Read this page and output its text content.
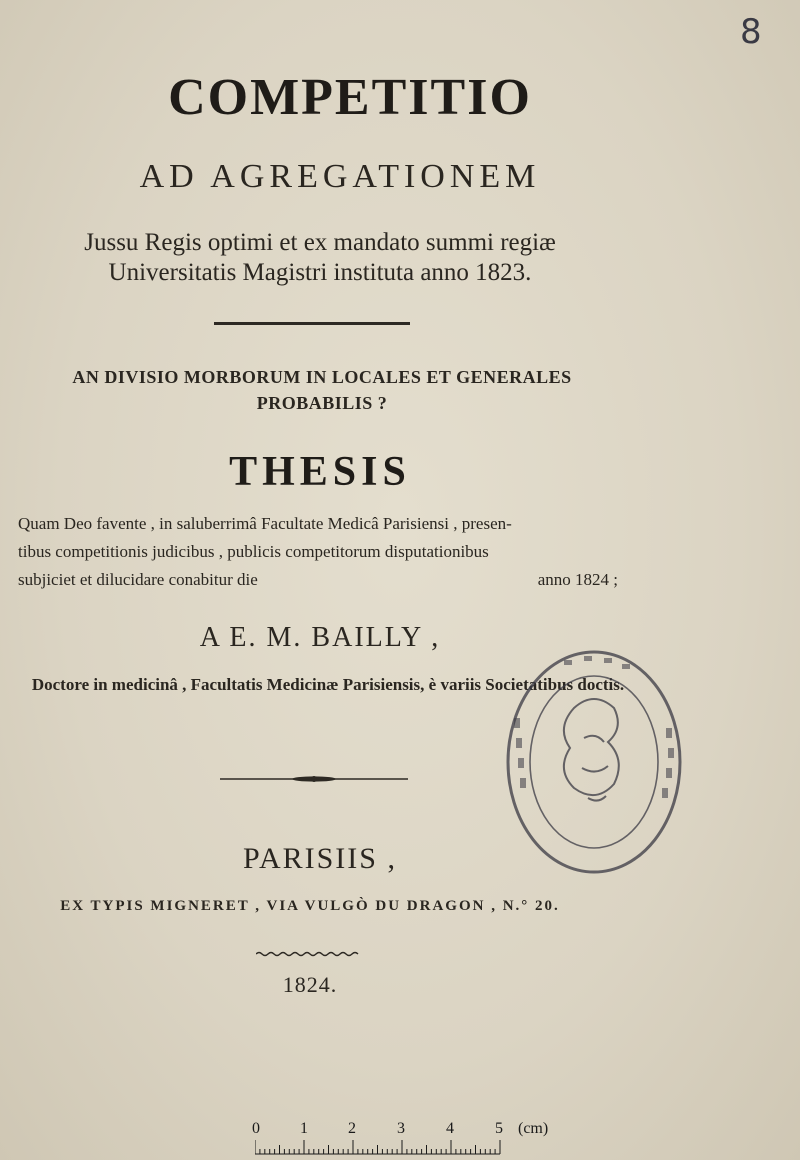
8
COMPETITIO
AD AGREGATIONEM
Jussu Regis optimi et ex mandato summi regiæ Universitatis Magistri instituta anno 1823.
AN DIVISIO MORBORUM IN LOCALES ET GENERALES PROBABILIS ?
THESIS
Quam Deo favente , in saluberrimâ Facultate Medicâ Parisiensi , presen-
tibus competitionis judicibus , publicis competitorum disputationibus
subjiciet et dilucidare conabitur die	anno 1824 ;
A E. M. BAILLY ,
Doctore in medicinâ , Facultatis Medicinæ Parisiensis, è variis Societatibus doctis.
PARISIIS ,
EX TYPIS MIGNERET , VIA VULGÒ DU DRAGON , N.° 20.
1824.
0	1	2	3	4	5 (cm)
